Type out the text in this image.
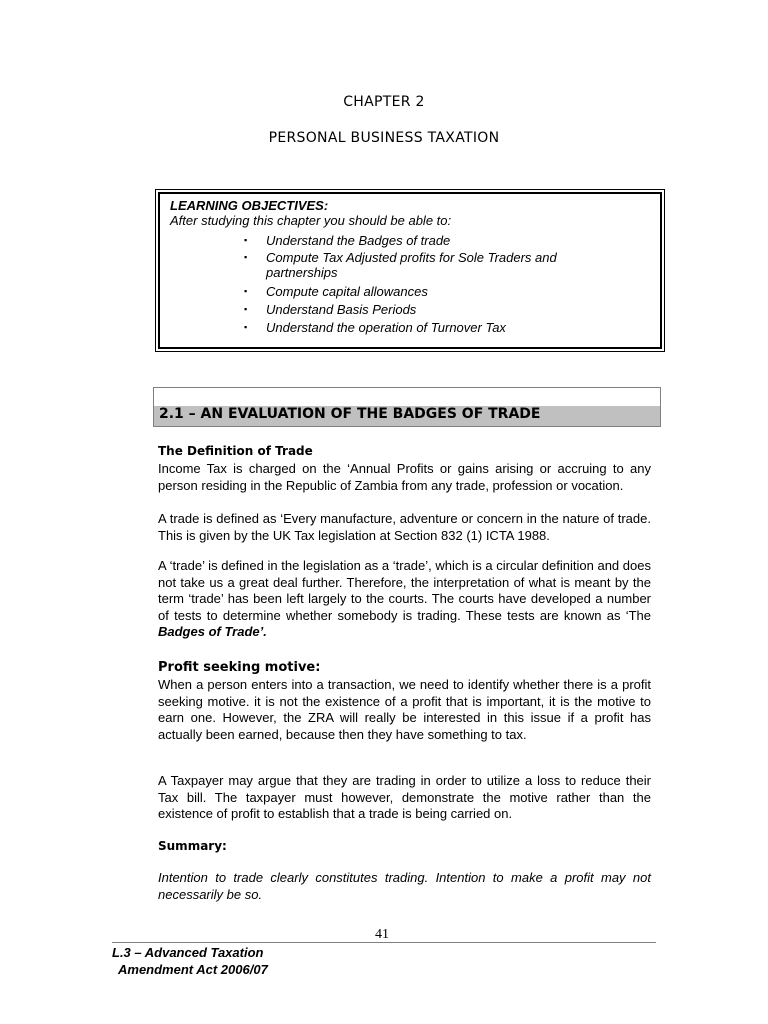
CHAPTER 2
PERSONAL BUSINESS TAXATION
LEARNING OBJECTIVES:
After studying this chapter you should be able to:
▪ Understand the Badges of trade
▪ Compute Tax Adjusted profits for Sole Traders and partnerships
▪ Compute capital allowances
▪ Understand Basis Periods
▪ Understand the operation of Turnover Tax
2.1 – AN EVALUATION OF THE BADGES OF TRADE
The Definition of Trade
Income Tax is charged on the ‘Annual Profits or gains arising or accruing to any person residing in the Republic of Zambia from any trade, profession or vocation.
A trade is defined as ‘Every manufacture, adventure or concern in the nature of trade. This is given by the UK Tax legislation at Section 832 (1) ICTA 1988.
A ‘trade’ is defined in the legislation as a ‘trade’, which is a circular definition and does not take us a great deal further. Therefore, the interpretation of what is meant by the term ‘trade’ has been left largely to the courts. The courts have developed a number of tests to determine whether somebody is trading. These tests are known as ‘The Badges of Trade’.
Profit seeking motive:
When a person enters into a transaction, we need to identify whether there is a profit seeking motive. it is not the existence of a profit that is important, it is the motive to earn one. However, the ZRA will really be interested in this issue if a profit has actually been earned, because then they have something to tax.
A Taxpayer may argue that they are trading in order to utilize a loss to reduce their Tax bill. The taxpayer must however, demonstrate the motive rather than the existence of profit to establish that a trade is being carried on.
Summary:
Intention to trade clearly constitutes trading. Intention to make a profit may not necessarily be so.
41
L.3 – Advanced Taxation
Amendment Act 2006/07
